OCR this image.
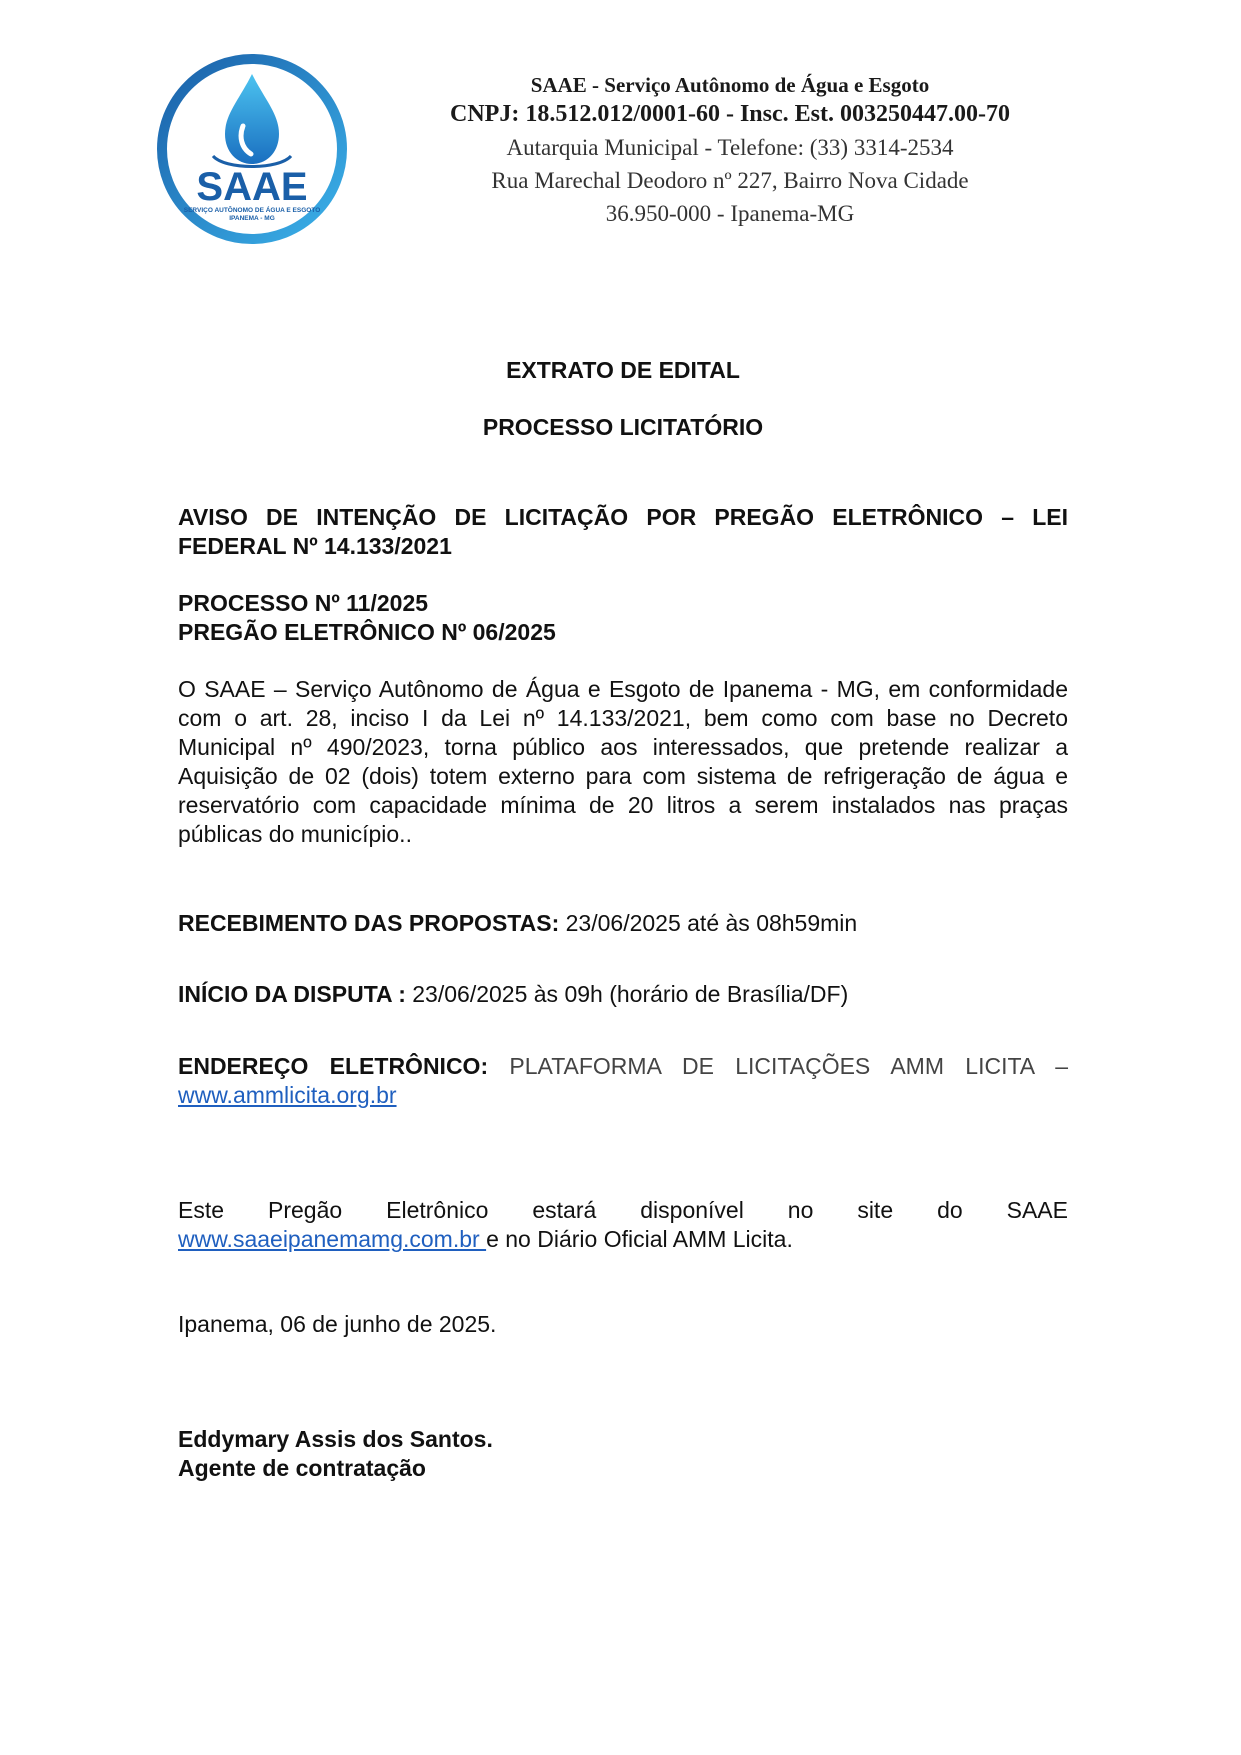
SAAE
SERVIÇO AUTÔNOMO DE ÁGUA E ESGOTO
IPANEMA - MG
SAAE - Serviço Autônomo de Água e Esgoto
CNPJ: 18.512.012/0001-60 - Insc. Est. 003250447.00-70
Autarquia Municipal - Telefone: (33) 3314-2534
Rua Marechal Deodoro nº 227, Bairro Nova Cidade
36.950-000 - Ipanema-MG
EXTRATO DE EDITAL
PROCESSO LICITATÓRIO
AVISO DE INTENÇÃO DE LICITAÇÃO POR PREGÃO ELETRÔNICO – LEI FEDERAL Nº 14.133/2021
PROCESSO Nº 11/2025
PREGÃO ELETRÔNICO Nº 06/2025
O SAAE – Serviço Autônomo de Água e Esgoto de Ipanema - MG, em conformidade com o art. 28, inciso I da Lei nº 14.133/2021, bem como com base no Decreto Municipal nº 490/2023, torna público aos interessados, que pretende realizar a Aquisição de 02 (dois) totem externo para com sistema de refrigeração de água e reservatório com capacidade mínima de 20 litros a serem instalados nas praças públicas do município..
RECEBIMENTO DAS PROPOSTAS: 23/06/2025 até às 08h59min
INÍCIO DA DISPUTA : 23/06/2025 às 09h (horário de Brasília/DF)
ENDEREÇO ELETRÔNICO: PLATAFORMA DE LICITAÇÕES AMM LICITA –
www.ammlicita.org.br
Este Pregão Eletrônico estará disponível no site do SAAE
www.saaeipanemamg.com.br e no Diário Oficial AMM Licita.
Ipanema, 06 de junho de 2025.
Eddymary Assis dos Santos.
Agente de contratação
